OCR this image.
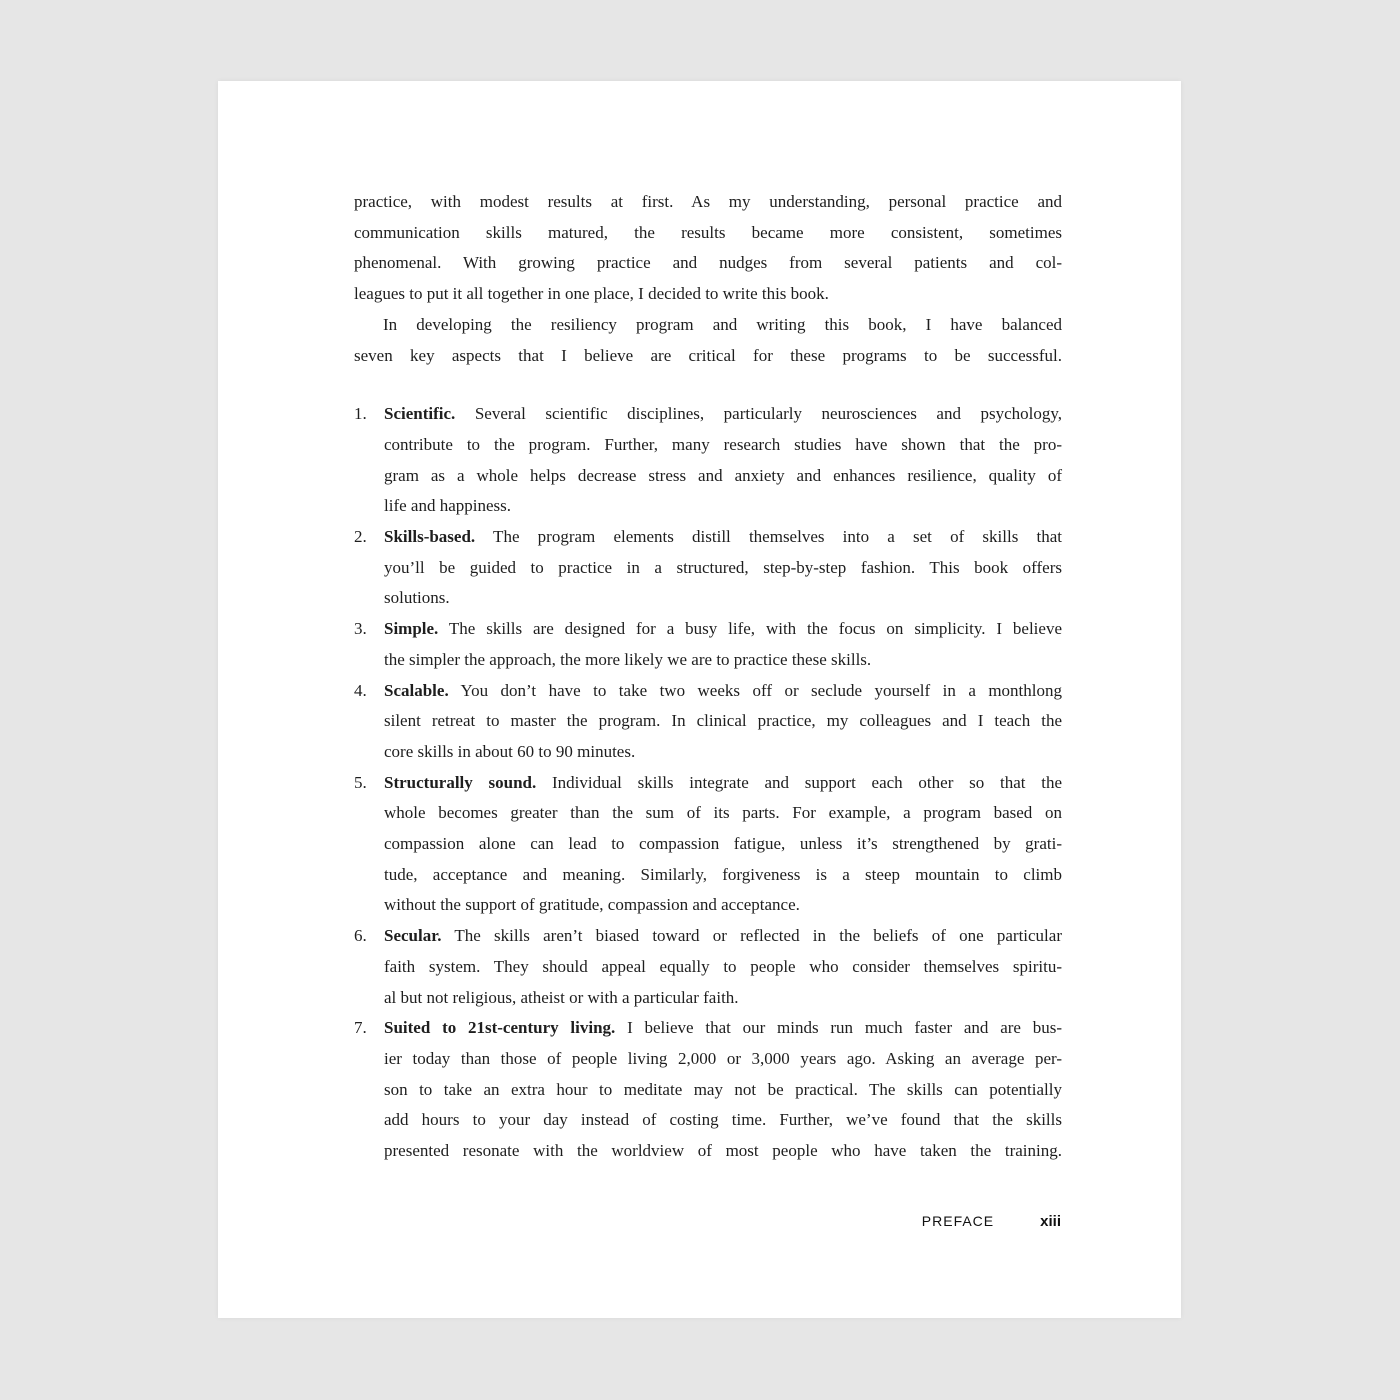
practice, with modest results at first. As my understanding, personal practice and
communication skills matured, the results became more consistent, sometimes
phenomenal. With growing practice and nudges from several patients and col-
leagues to put it all together in one place, I decided to write this book.
In developing the resiliency program and writing this book, I have balanced
seven key aspects that I believe are critical for these programs to be successful.
1.	Scientific. Several scientific disciplines, particularly neurosciences and psychology,
contribute to the program. Further, many research studies have shown that the pro-
gram as a whole helps decrease stress and anxiety and enhances resilience, quality of
life and happiness.
2.	Skills-based. The program elements distill themselves into a set of skills that
you’ll be guided to practice in a structured, step-by-step fashion. This book offers
solutions.
3.	Simple. The skills are designed for a busy life, with the focus on simplicity. I believe
the simpler the approach, the more likely we are to practice these skills.
4.	Scalable. You don’t have to take two weeks off or seclude yourself in a monthlong
silent retreat to master the program. In clinical practice, my colleagues and I teach the
core skills in about 60 to 90 minutes.
5.	Structurally sound. Individual skills integrate and support each other so that the
whole becomes greater than the sum of its parts. For example, a program based on
compassion alone can lead to compassion fatigue, unless it’s strengthened by grati-
tude, acceptance and meaning. Similarly, forgiveness is a steep mountain to climb
without the support of gratitude, compassion and acceptance.
6.	Secular. The skills aren’t biased toward or reflected in the beliefs of one particular
faith system. They should appeal equally to people who consider themselves spiritu-
al but not religious, atheist or with a particular faith.
7.	Suited to 21st-century living. I believe that our minds run much faster and are bus-
ier today than those of people living 2,000 or 3,000 years ago. Asking an average per-
son to take an extra hour to meditate may not be practical. The skills can potentially
add hours to your day instead of costing time. Further, we’ve found that the skills
presented resonate with the worldview of most people who have taken the training.
PREFACE	xiii
